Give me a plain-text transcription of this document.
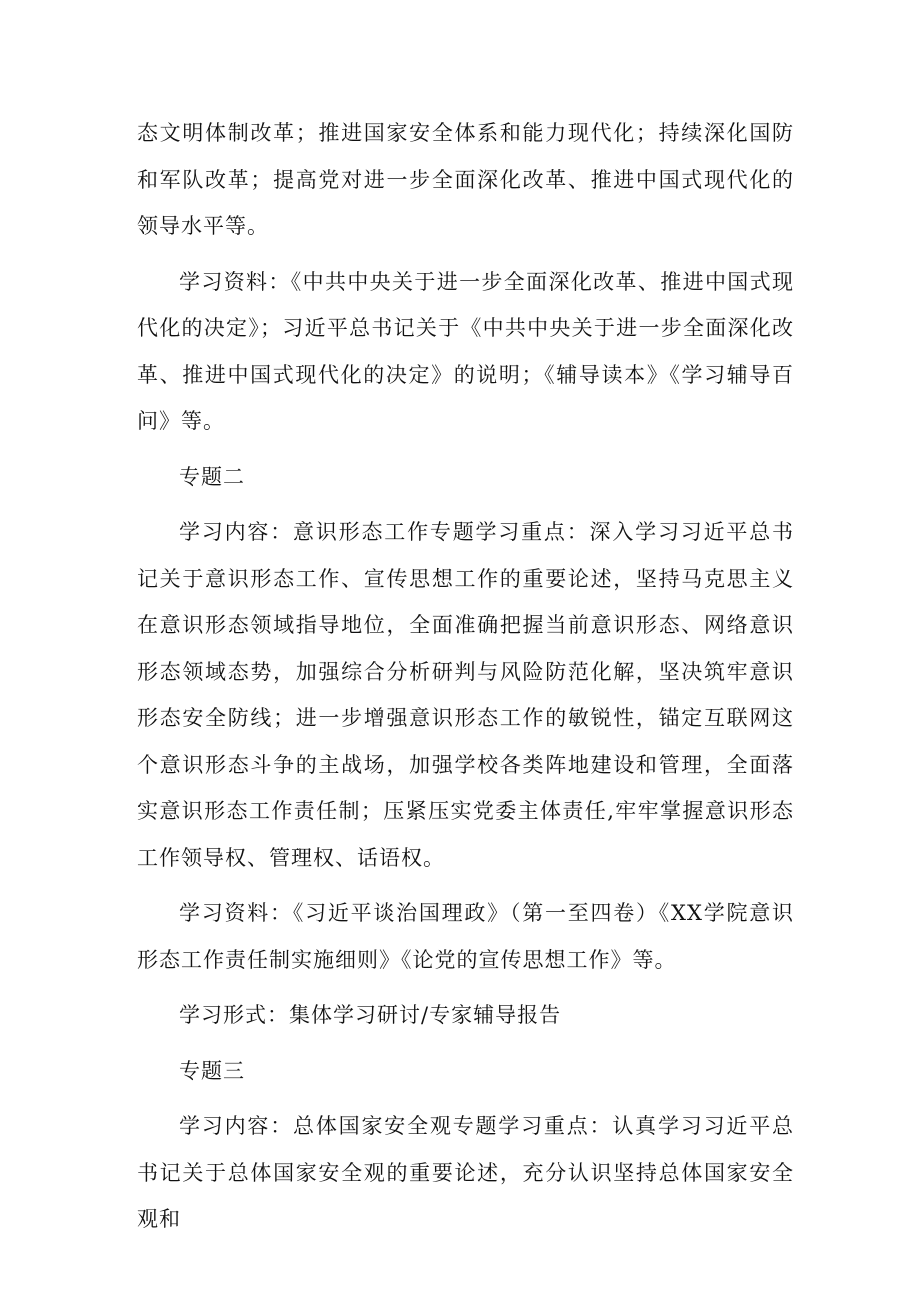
态文明体制改革；推进国家安全体系和能力现代化；持续深化国防和军队改革；提高党对进一步全面深化改革、推进中国式现代化的领导水平等。

学习资料：《中共中央关于进一步全面深化改革、推进中国式现代化的决定》；习近平总书记关于《中共中央关于进一步全面深化改革、推进中国式现代化的决定》的说明；《辅导读本》《学习辅导百问》等。

专题二

学习内容：意识形态工作专题学习重点：深入学习习近平总书记关于意识形态工作、宣传思想工作的重要论述，坚持马克思主义在意识形态领域指导地位，全面准确把握当前意识形态、网络意识形态领域态势，加强综合分析研判与风险防范化解，坚决筑牢意识形态安全防线；进一步增强意识形态工作的敏锐性，锚定互联网这个意识形态斗争的主战场，加强学校各类阵地建设和管理，全面落实意识形态工作责任制；压紧压实党委主体责任,牢牢掌握意识形态工作领导权、管理权、话语权。

学习资料：《习近平谈治国理政》（第一至四卷）《XX学院意识形态工作责任制实施细则》《论党的宣传思想工作》等。

学习形式：集体学习研讨/专家辅导报告

专题三

学习内容：总体国家安全观专题学习重点：认真学习习近平总书记关于总体国家安全观的重要论述，充分认识坚持总体国家安全观和
